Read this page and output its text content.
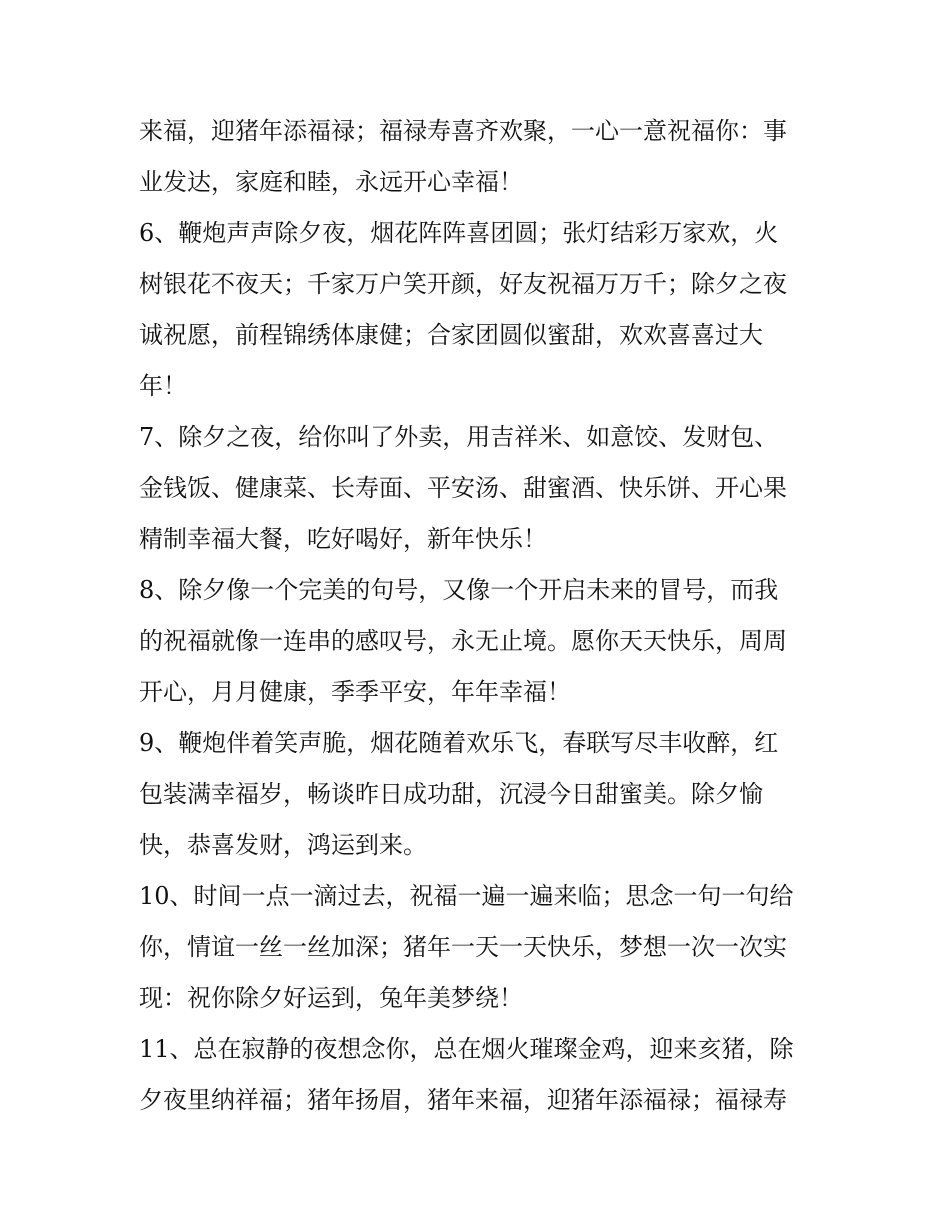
来福，迎猪年添福禄；福禄寿喜齐欢聚，一心一意祝福你：事
业发达，家庭和睦，永远开心幸福！
6、鞭炮声声除夕夜，烟花阵阵喜团圆；张灯结彩万家欢，火
树银花不夜天；千家万户笑开颜，好友祝福万万千；除夕之夜
诚祝愿，前程锦绣体康健；合家团圆似蜜甜，欢欢喜喜过大
年！
7、除夕之夜，给你叫了外卖，用吉祥米、如意饺、发财包、
金钱饭、健康菜、长寿面、平安汤、甜蜜酒、快乐饼、开心果
精制幸福大餐，吃好喝好，新年快乐！
8、除夕像一个完美的句号，又像一个开启未来的冒号，而我
的祝福就像一连串的感叹号，永无止境。愿你天天快乐，周周
开心，月月健康，季季平安，年年幸福！
9、鞭炮伴着笑声脆，烟花随着欢乐飞，春联写尽丰收醉，红
包装满幸福岁，畅谈昨日成功甜，沉浸今日甜蜜美。除夕愉
快，恭喜发财，鸿运到来。
10、时间一点一滴过去，祝福一遍一遍来临；思念一句一句给
你，情谊一丝一丝加深；猪年一天一天快乐，梦想一次一次实
现：祝你除夕好运到，兔年美梦绕！
11、总在寂静的夜想念你，总在烟火璀璨金鸡，迎来亥猪，除
夕夜里纳祥福；猪年扬眉，猪年来福，迎猪年添福禄；福禄寿
